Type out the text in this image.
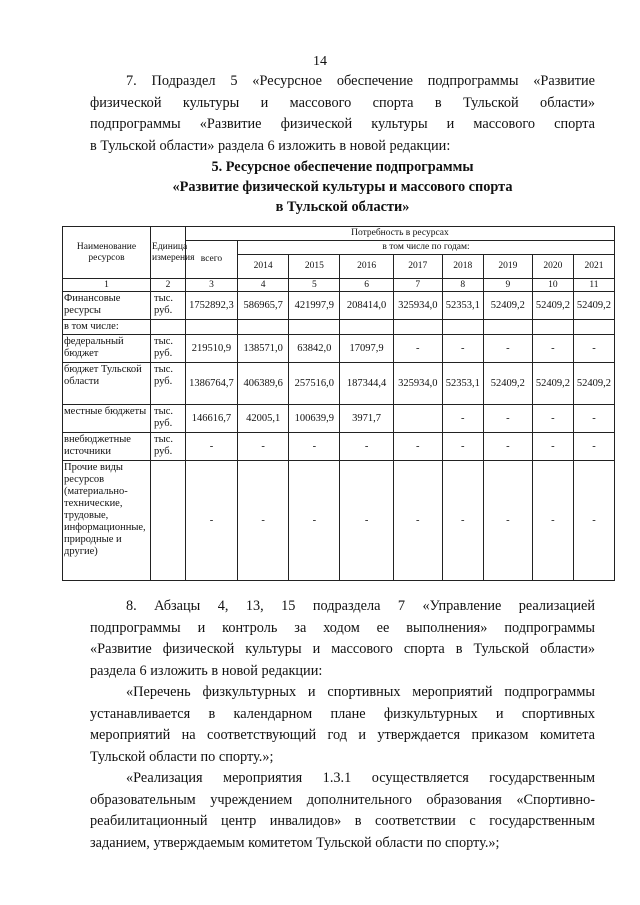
14
7. Подраздел 5 «Ресурсное обеспечение подпрограммы «Развитие
физической культуры и массового спорта в Тульской области»
подпрограммы «Развитие физической культуры и массового спорта
в Тульской области» раздела 6 изложить в новой редакции:
5. Ресурсное обеспечение подпрограммы
«Развитие физической культуры и массового спорта
в Тульской области»
Наименование ресурсов	Единица измерения	Потребность в ресурсах								
		всего	в том числе по годам:							
			2014	2015	2016	2017	2018	2019	2020	2021
1	2	3	4	5	6	7	8	9	10	11
Финансовые ресурсы	тыс. руб.	1752892,3	586965,7	421997,9	208414,0	325934,0	52353,1	52409,2	52409,2	52409,2
в том числе:										
федеральный бюджет	тыс. руб.	219510,9	138571,0	63842,0	17097,9	-	-	-	-	-
бюджет Тульской области	тыс. руб.	1386764,7	406389,6	257516,0	187344,4	325934,0	52353,1	52409,2	52409,2	52409,2
местные бюджеты	тыс. руб.	146616,7	42005,1	100639,9	3971,7		-	-	-	-
внебюджетные источники	тыс. руб.	-	-	-	-	-	-	-	-	-
Прочие виды ресурсов (материально-технические, трудовые, информационные, природные и другие)		-	-	-	-	-	-	-	-	-
8. Абзацы 4, 13, 15 подраздела 7 «Управление реализацией
подпрограммы и контроль за ходом ее выполнения» подпрограммы
«Развитие физической культуры и массового спорта в Тульской области»
раздела 6 изложить в новой редакции:
«Перечень физкультурных и спортивных мероприятий подпрограммы
устанавливается в календарном плане физкультурных и спортивных
мероприятий на соответствующий год и утверждается приказом комитета
Тульской области по спорту.»;
«Реализация мероприятия 1.3.1 осуществляется государственным
образовательным учреждением дополнительного образования «Спортивно-
реабилитационный центр инвалидов» в соответствии с государственным
заданием, утверждаемым комитетом Тульской области по спорту.»;
